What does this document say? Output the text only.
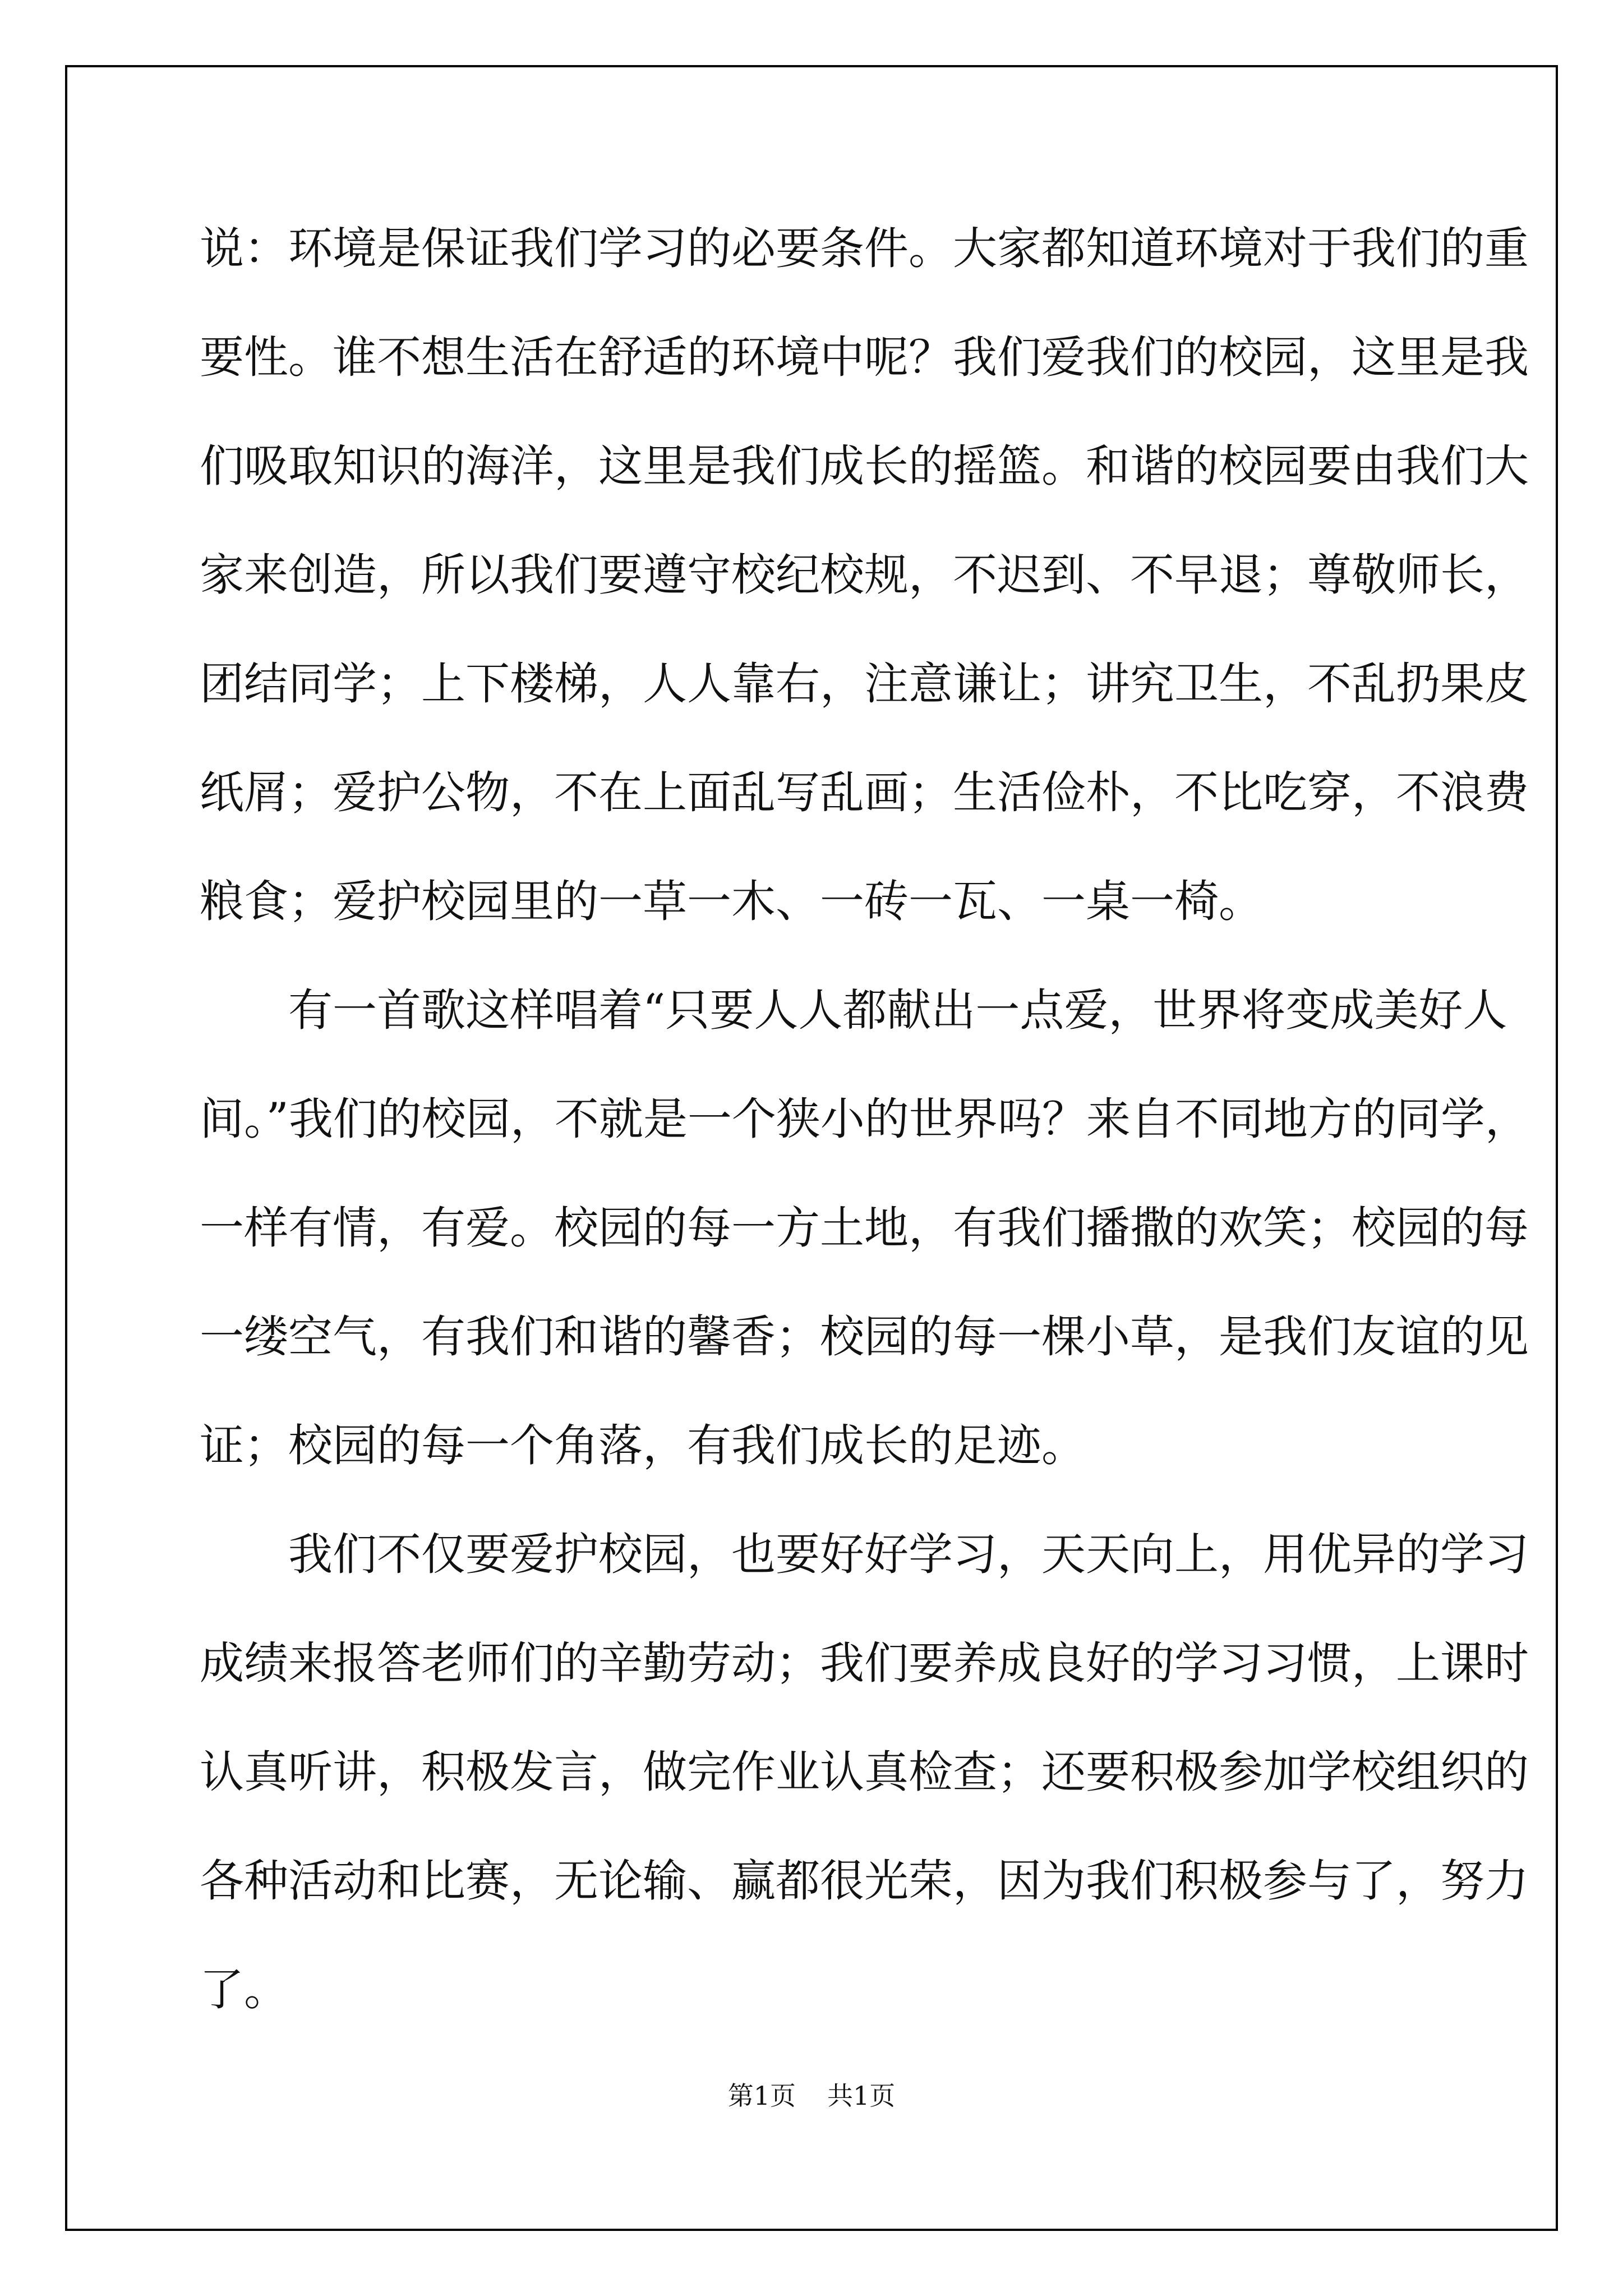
说：环境是保证我们学习的必要条件。大家都知道环境对于我们的重
要性。谁不想生活在舒适的环境中呢？我们爱我们的校园，这里是我
们吸取知识的海洋，这里是我们成长的摇篮。和谐的校园要由我们大
家来创造，所以我们要遵守校纪校规，不迟到、不早退；尊敬师长，
团结同学；上下楼梯，人人靠右，注意谦让；讲究卫生，不乱扔果皮
纸屑；爱护公物，不在上面乱写乱画；生活俭朴，不比吃穿，不浪费
粮食；爱护校园里的一草一木、一砖一瓦、一桌一椅。
　　有一首歌这样唱着“只要人人都献出一点爱，世界将变成美好人
间。”我们的校园，不就是一个狭小的世界吗？来自不同地方的同学，
一样有情，有爱。校园的每一方土地，有我们播撒的欢笑；校园的每
一缕空气，有我们和谐的馨香；校园的每一棵小草，是我们友谊的见
证；校园的每一个角落，有我们成长的足迹。
　　我们不仅要爱护校园，也要好好学习，天天向上，用优异的学习
成绩来报答老师们的辛勤劳动；我们要养成良好的学习习惯，上课时
认真听讲，积极发言，做完作业认真检查；还要积极参加学校组织的
各种活动和比赛，无论输、赢都很光荣，因为我们积极参与了，努力
了。
第1页 共1页
